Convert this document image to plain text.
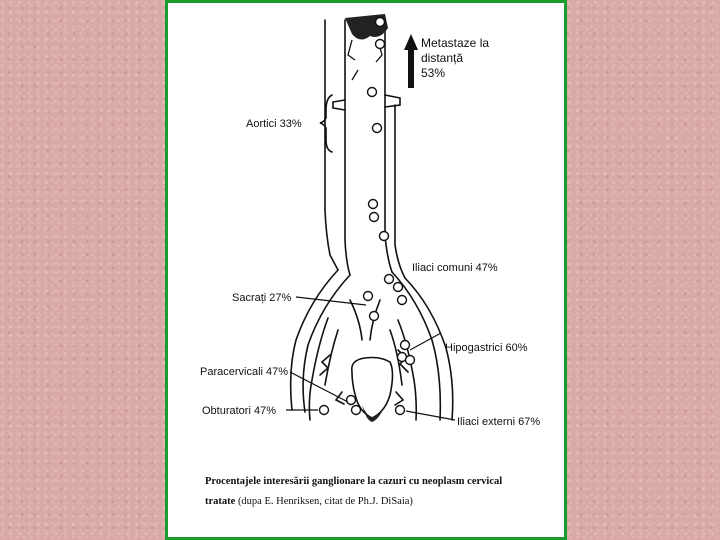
Metastaze la
distanță
53%
Aortici 33%
Iliaci comuni 47%
Sacrați 27%
Hipogastrici 60%
Paracervicali 47%
Obturatori 47%
Iliaci externi 67%
Procentajele interesării ganglionare la cazuri cu neoplasm cervical
tratate (dupa E. Henriksen, citat de Ph.J. DiSaia)
